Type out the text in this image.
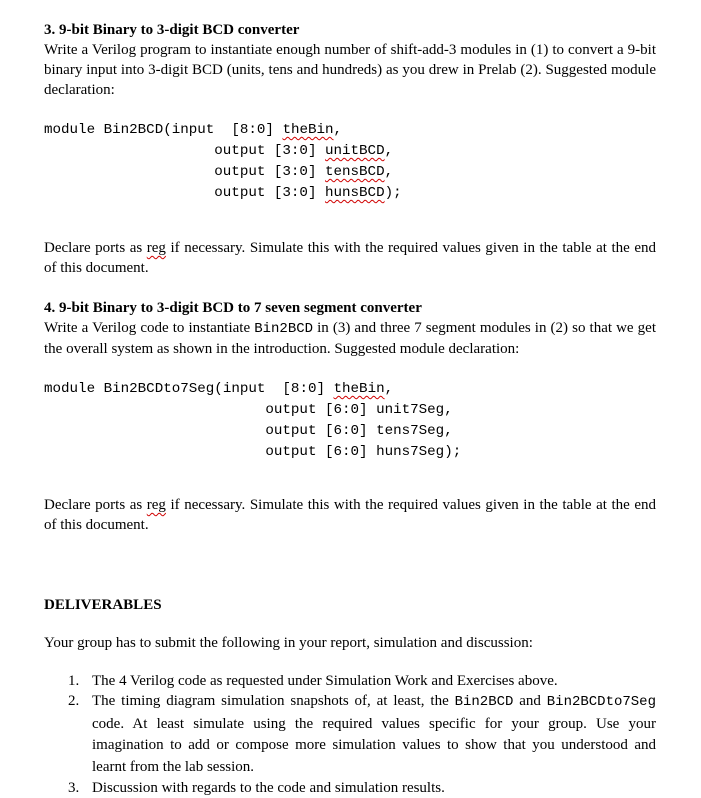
3. 9-bit Binary to 3-digit BCD converter

Write a Verilog program to instantiate enough number of shift-add-3 modules in (1) to convert a 9-bit binary input into 3-digit BCD (units, tens and hundreds) as you drew in Prelab (2). Suggested module declaration:

module Bin2BCD(input  [8:0] theBin,
output [3:0] unitBCD,
output [3:0] tensBCD,
output [3:0] hunsBCD);

Declare ports as reg if necessary. Simulate this with the required values given in the table at the end of this document.

4. 9-bit Binary to 3-digit BCD to 7 seven segment converter

Write a Verilog code to instantiate Bin2BCD in (3) and three 7 segment modules in (2) so that we get the overall system as shown in the introduction. Suggested module declaration:

module Bin2BCDto7Seg(input  [8:0] theBin,
output [6:0] unit7Seg,
output [6:0] tens7Seg,
output [6:0] huns7Seg);

Declare ports as reg if necessary. Simulate this with the required values given in the table at the end of this document.

DELIVERABLES

Your group has to submit the following in your report, simulation and discussion:

1. The 4 Verilog code as requested under Simulation Work and Exercises above.
2. The timing diagram simulation snapshots of, at least, the Bin2BCD and Bin2BCDto7Seg code. At least simulate using the required values specific for your group. Use your imagination to add or compose more simulation values to show that you understood and learnt from the lab session.
3. Discussion with regards to the code and simulation results.
